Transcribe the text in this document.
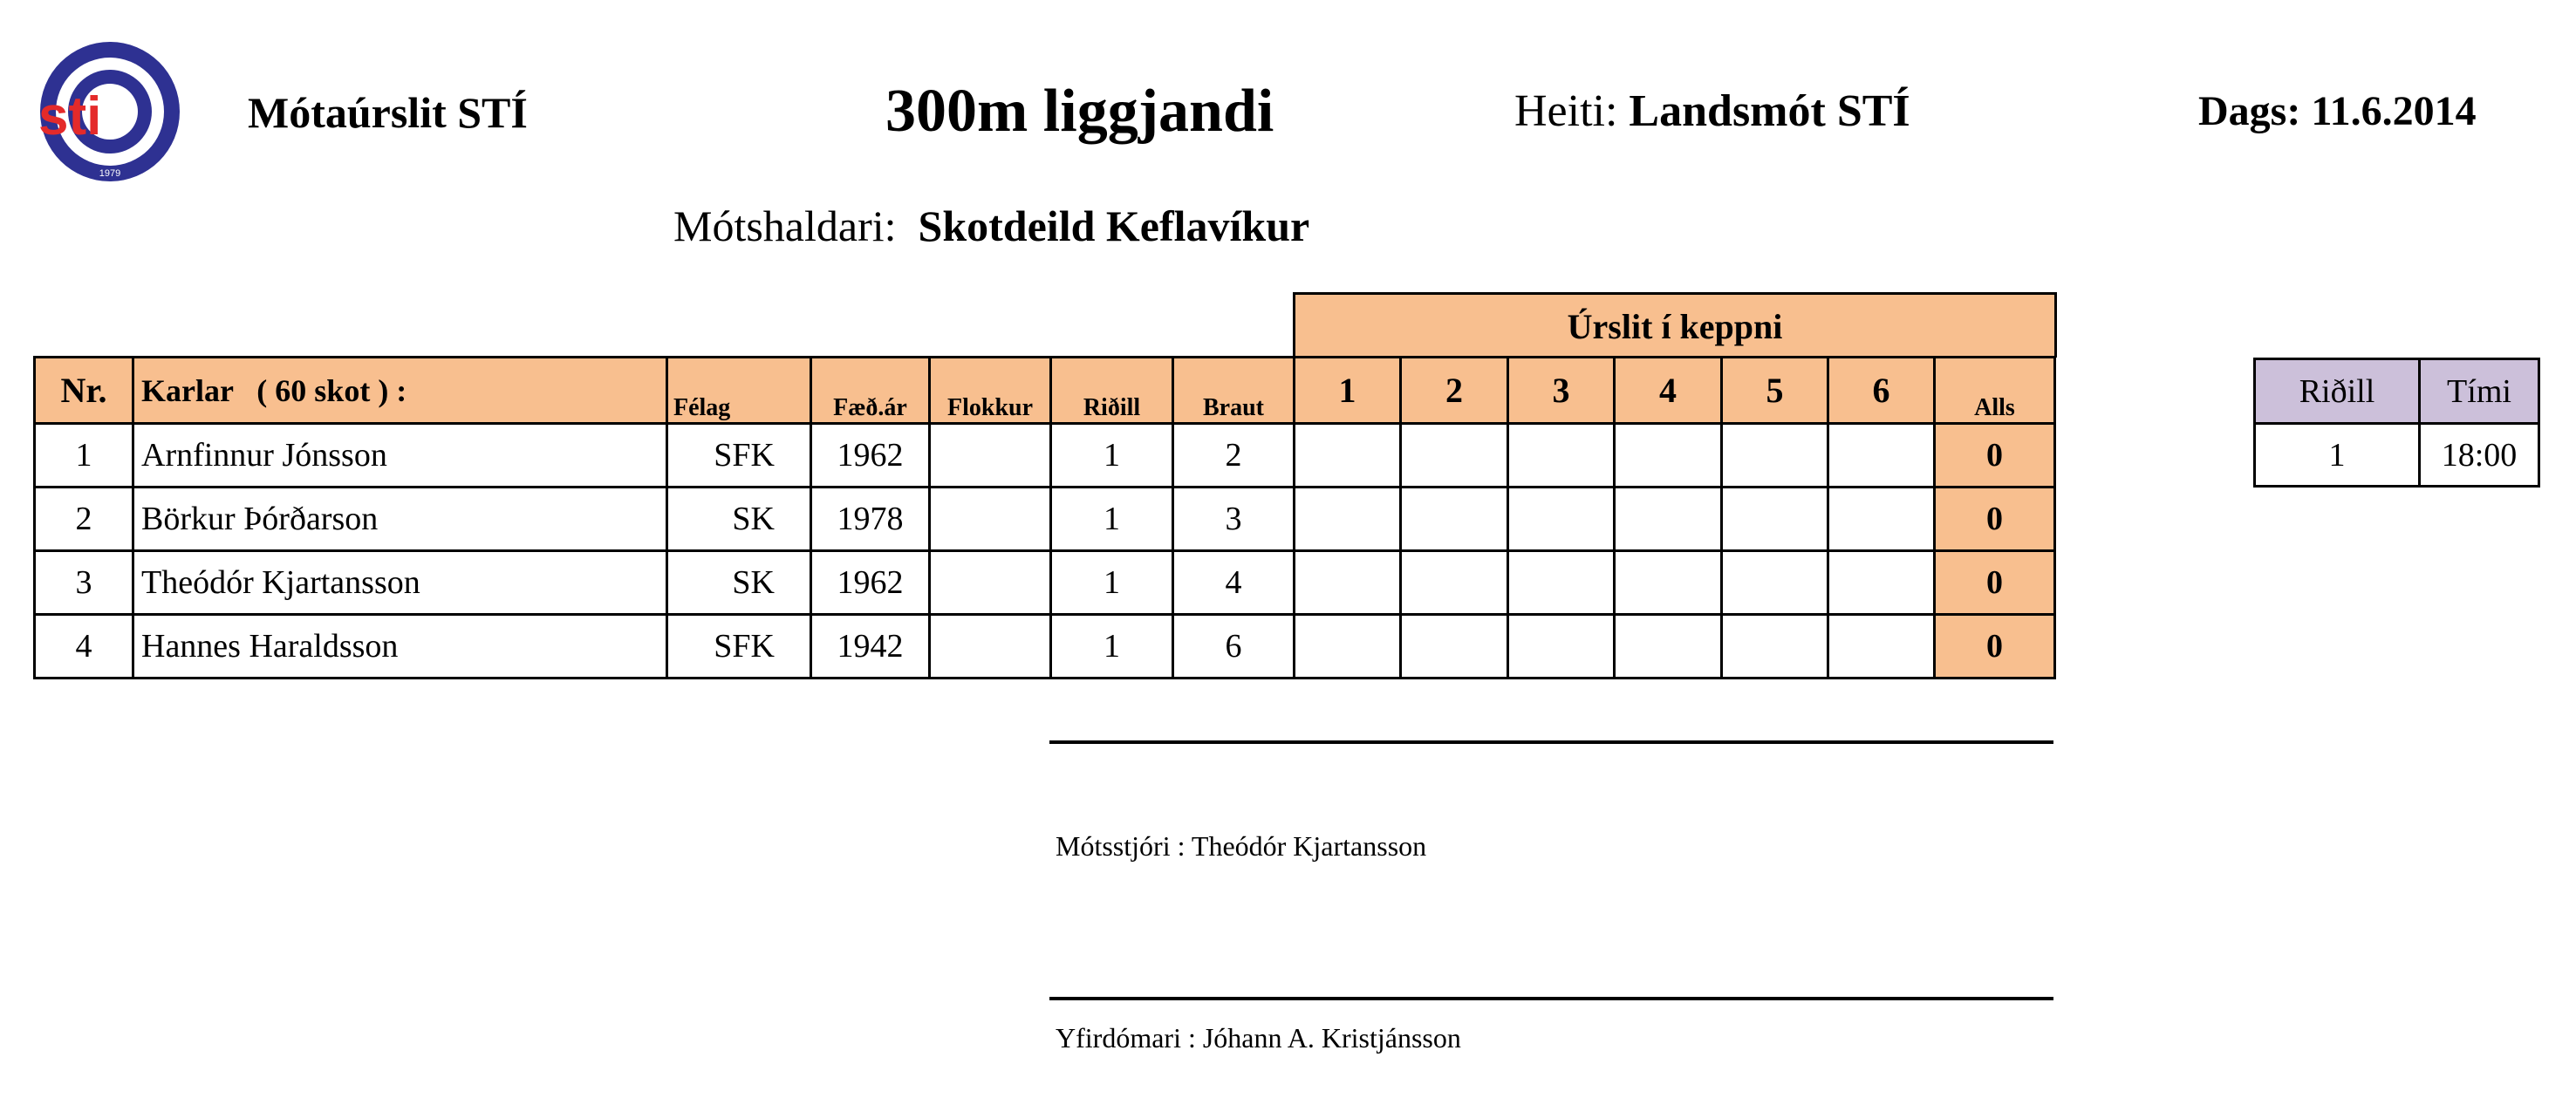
1979
sti	Mótaúrslit STÍ	300m liggjandi	Heiti: Landsmót STÍ	Dags: 11.6.2014
Mótshaldari: Skotdeild Keflavíkur
Úrslit í keppni
Nr.	Karlar   ( 60 skot ) :	Félag	Fæð.ár	Flokkur	Riðill	Braut	1	2	3	4	5	6	Alls
1	Arnfinnur Jónsson	SFK	1962		1	2							0
2	Börkur Þórðarson	SK	1978		1	3							0
3	Theódór Kjartansson	SK	1962		1	4							0
4	Hannes Haraldsson	SFK	1942		1	6							0
Riðill	Tími
1	18:00
Mótsstjóri : Theódór Kjartansson
Yfirdómari : Jóhann A. Kristjánsson
